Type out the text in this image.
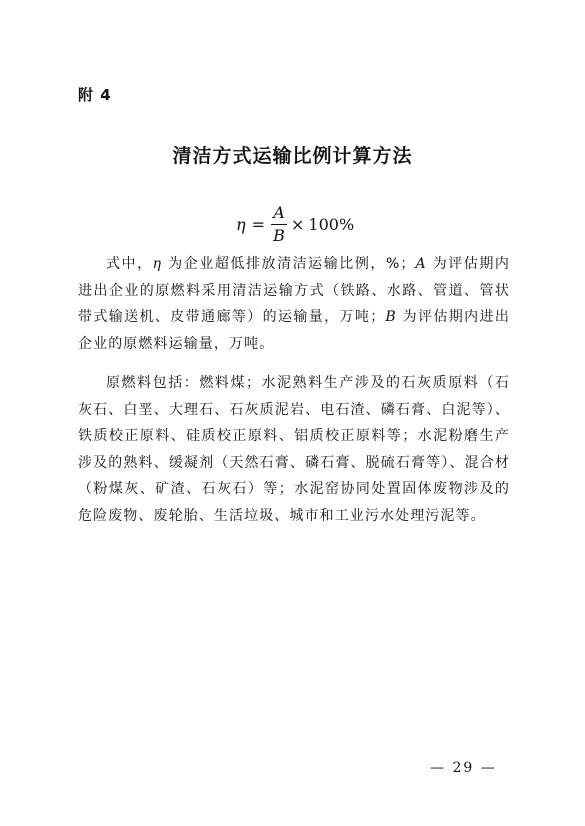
附 4
清洁方式运输比例计算方法
$\eta = \frac{A}{B} \times 100\%$

式中，η 为企业超低排放清洁运输比例，%；A 为评估期内进出企业的原燃料采用清洁运输方式（铁路、水路、管道、管状带式输送机、皮带通廊等）的运输量，万吨；B 为评估期内进出企业的原燃料运输量，万吨。

原燃料包括：燃料煤；水泥熟料生产涉及的石灰质原料（石灰石、白垩、大理石、石灰质泥岩、电石渣、磷石膏、白泥等）、铁质校正原料、硅质校正原料、铝质校正原料等；水泥粉磨生产涉及的熟料、缓凝剂（天然石膏、磷石膏、脱硫石膏等）、混合材（粉煤灰、矿渣、石灰石）等；水泥窑协同处置固体废物涉及的危险废物、废轮胎、生活垃圾、城市和工业污水处理污泥等。

— 29 —
